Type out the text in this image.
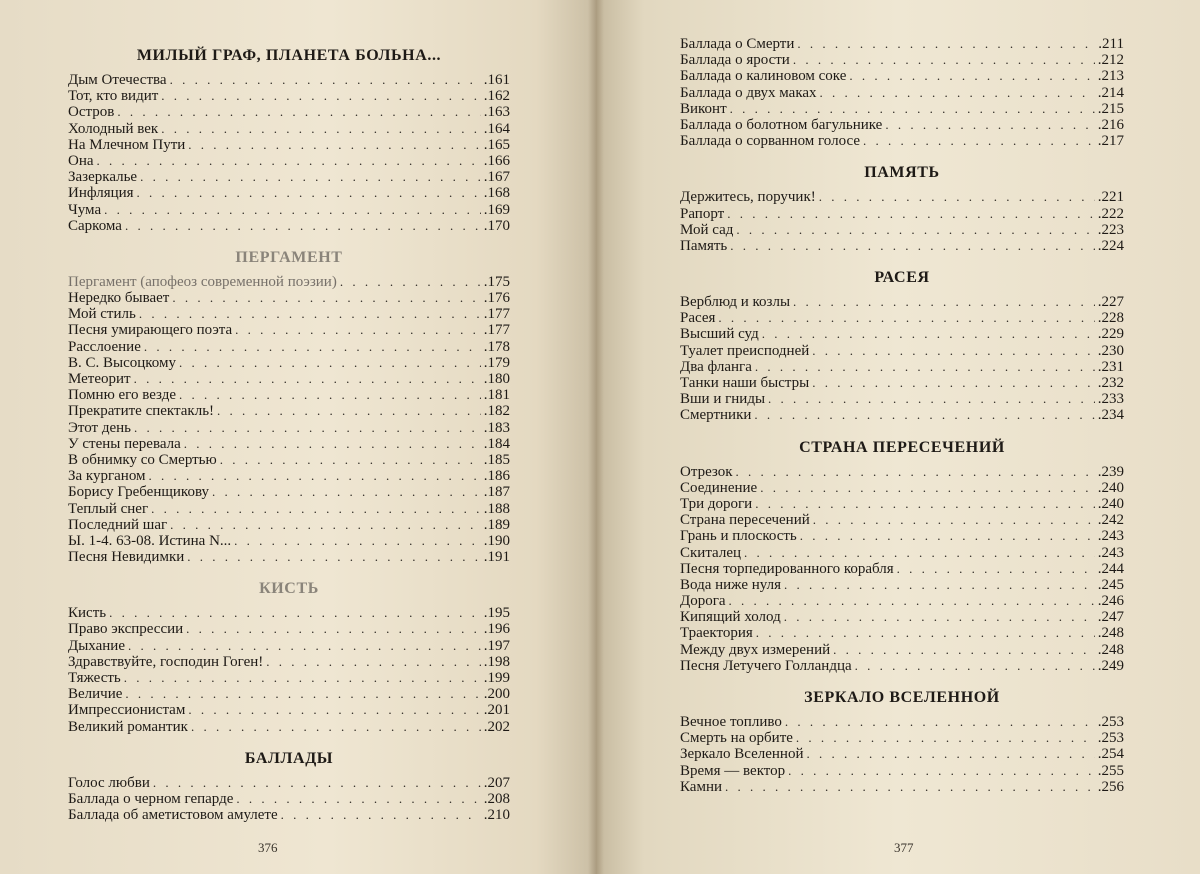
МИЛЫЙ ГРАФ, ПЛАНЕТА БОЛЬНА...
Дым Отечества . . .	.161
Тот, кто видит . . .	.162
Остров . . .	.163
Холодный век . . .	.164
На Млечном Пути . . .	.165
Она . . .	.166
Зазеркалье . . .	.167
Инфляция . . .	.168
Чума . . .	.169
Саркома . . .	.170
ПЕРГАМЕНТ
Пергамент (апофеоз современной поэзии) . . .	.175
Нередко бывает . . .	.176
Мой стиль . . .	.177
Песня умирающего поэта . . .	.177
Расслоение . . .	.178
В. С. Высоцкому . . .	.179
Метеорит . . .	.180
Помню его везде . . .	.181
Прекратите спектакль! . . .	.182
Этот день . . .	.183
У стены перевала . . .	.184
В обнимку со Смертью . . .	.185
За курганом . . .	.186
Борису Гребенщикову . . .	.187
Теплый снег . . .	.188
Последний шаг . . .	.189
Ы. 1-4. 63-08. Истина N... . . .	.190
Песня Невидимки . . .	.191
КИСТЬ
Кисть . . .	.195
Право экспрессии . . .	.196
Дыхание . . .	.197
Здравствуйте, господин Гоген! . . .	.198
Тяжесть . . .	.199
Величие . . .	.200
Импрессионистам . . .	.201
Великий романтик . . .	.202
БАЛЛАДЫ
Голос любви . . .	.207
Баллада о черном гепарде . . .	.208
Баллада об аметистовом амулете . . .	.210
376
Баллада о Смерти . . .	.211
Баллада о ярости . . .	.212
Баллада о калиновом соке . . .	.213
Баллада о двух маках . . .	.214
Виконт . . .	.215
Баллада о болотном багульнике . . .	.216
Баллада о сорванном голосе . . .	.217
ПАМЯТЬ
Держитесь, поручик! . . .	.221
Рапорт . . .	.222
Мой сад . . .	.223
Память . . .	.224
РАСЕЯ
Верблюд и козлы . . .	.227
Расея . . .	.228
Высший суд . . .	.229
Туалет преисподней . . .	.230
Два фланга . . .	.231
Танки наши быстры . . .	.232
Вши и гниды . . .	.233
Смертники . . .	.234
СТРАНА ПЕРЕСЕЧЕНИЙ
Отрезок . . .	.239
Соединение . . .	.240
Три дороги . . .	.240
Страна пересечений . . .	.242
Грань и плоскость . . .	.243
Скиталец . . .	.243
Песня торпедированного корабля . . .	.244
Вода ниже нуля . . .	.245
Дорога . . .	.246
Кипящий холод . . .	.247
Траектория . . .	.248
Между двух измерений . . .	.248
Песня Летучего Голландца . . .	.249
ЗЕРКАЛО ВСЕЛЕННОЙ
Вечное топливо . . .	.253
Смерть на орбите . . .	.253
Зеркало Вселенной . . .	.254
Время — вектор . . .	.255
Камни . . .	.256
377
